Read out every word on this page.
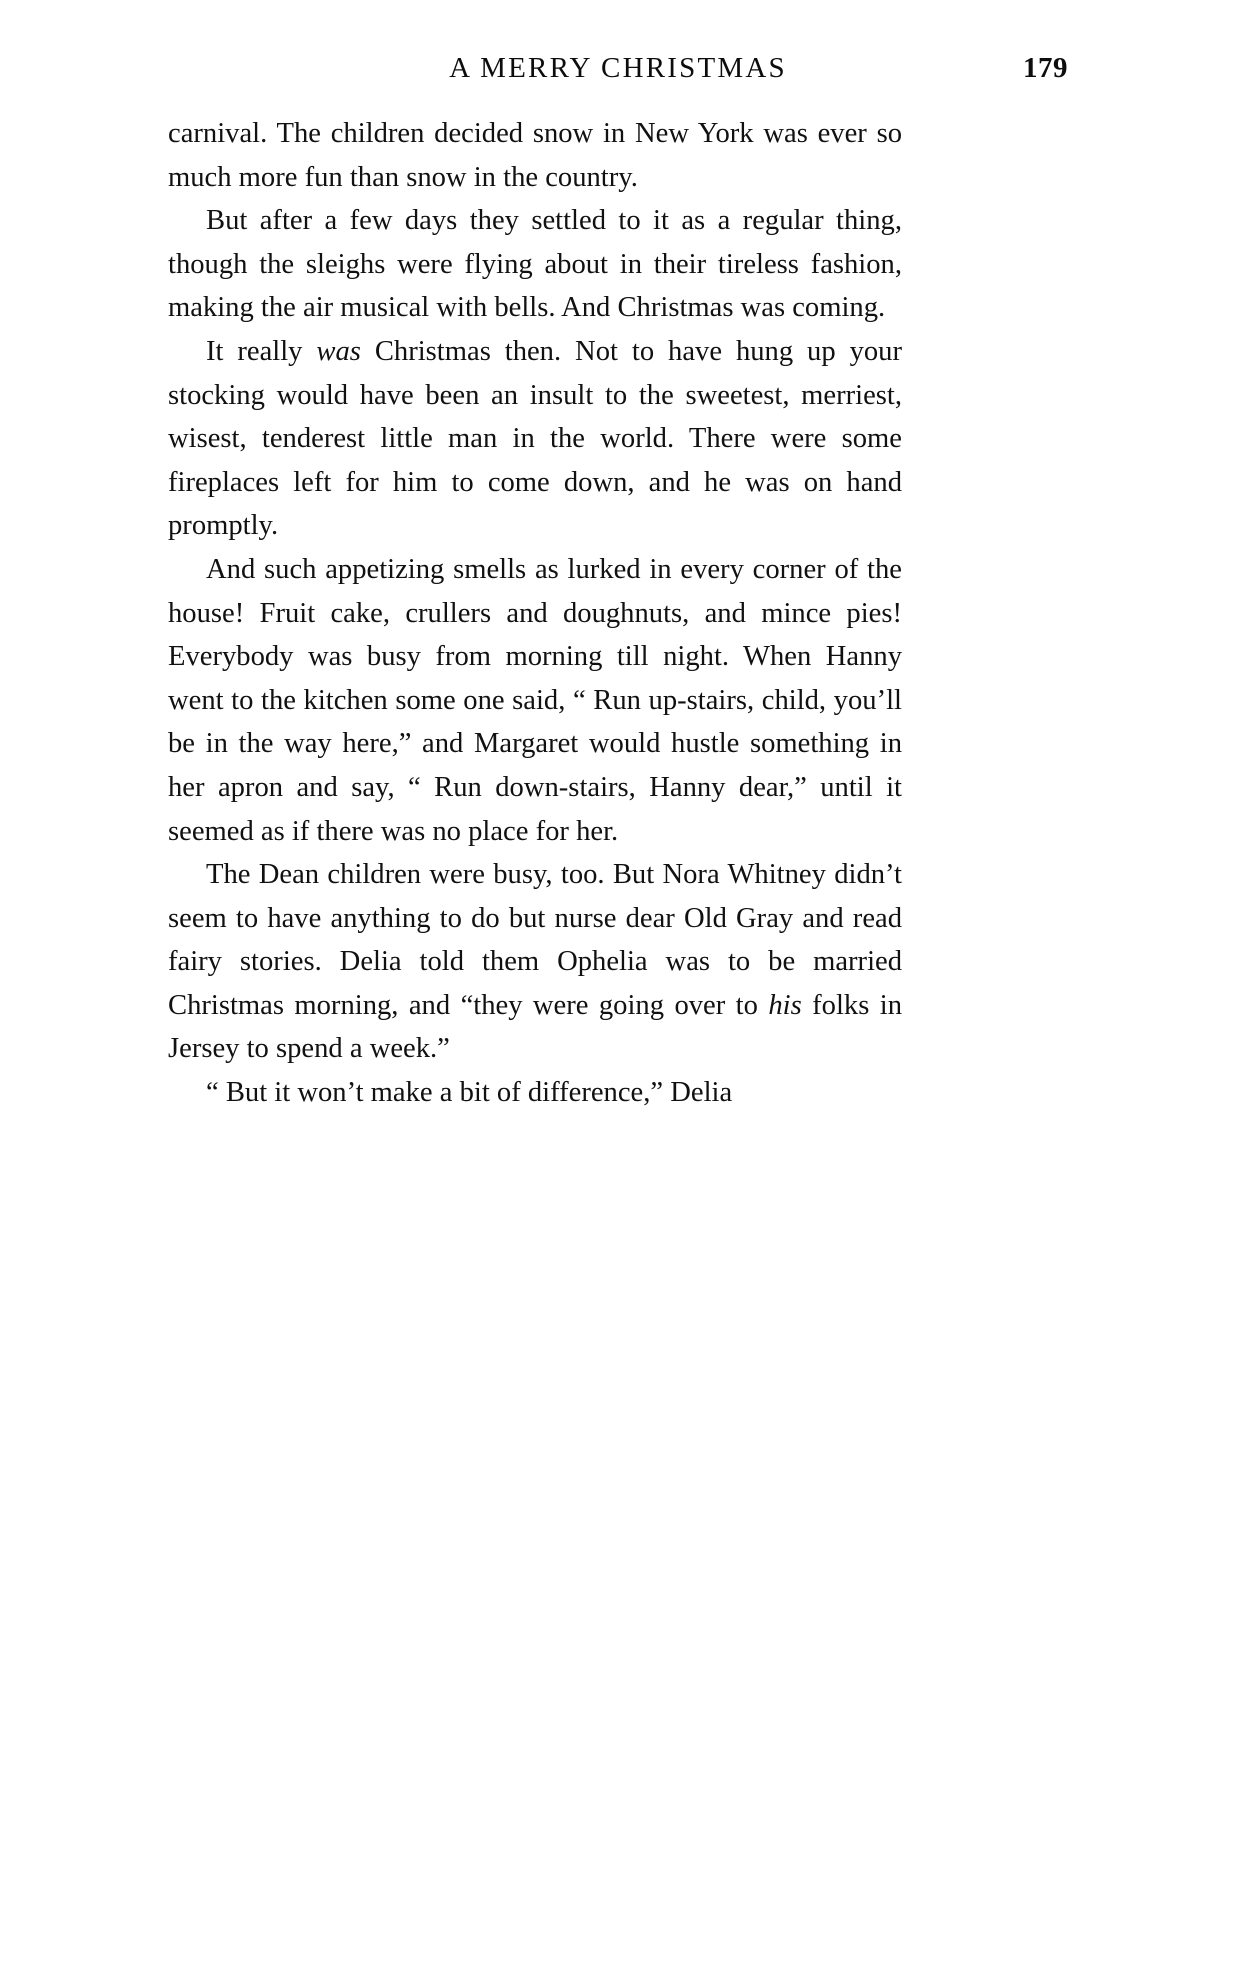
A MERRY CHRISTMAS	179

carnival. The children decided snow in New York was ever so much more fun than snow in the country.

But after a few days they settled to it as a regular thing, though the sleighs were flying about in their tireless fashion, making the air musical with bells. And Christmas was coming.

It really was Christmas then. Not to have hung up your stocking would have been an insult to the sweetest, merriest, wisest, tenderest little man in the world. There were some fireplaces left for him to come down, and he was on hand promptly.

And such appetizing smells as lurked in every corner of the house! Fruit cake, crullers and doughnuts, and mince pies! Everybody was busy from morning till night. When Hanny went to the kitchen some one said, “ Run up-stairs, child, you’ll be in the way here,” and Margaret would hustle something in her apron and say, “ Run down-stairs, Hanny dear,” until it seemed as if there was no place for her.

The Dean children were busy, too. But Nora Whitney didn’t seem to have anything to do but nurse dear Old Gray and read fairy stories. Delia told them Ophelia was to be married Christmas morning, and “they were going over to his folks in Jersey to spend a week.”

“ But it won’t make a bit of difference,” Delia
